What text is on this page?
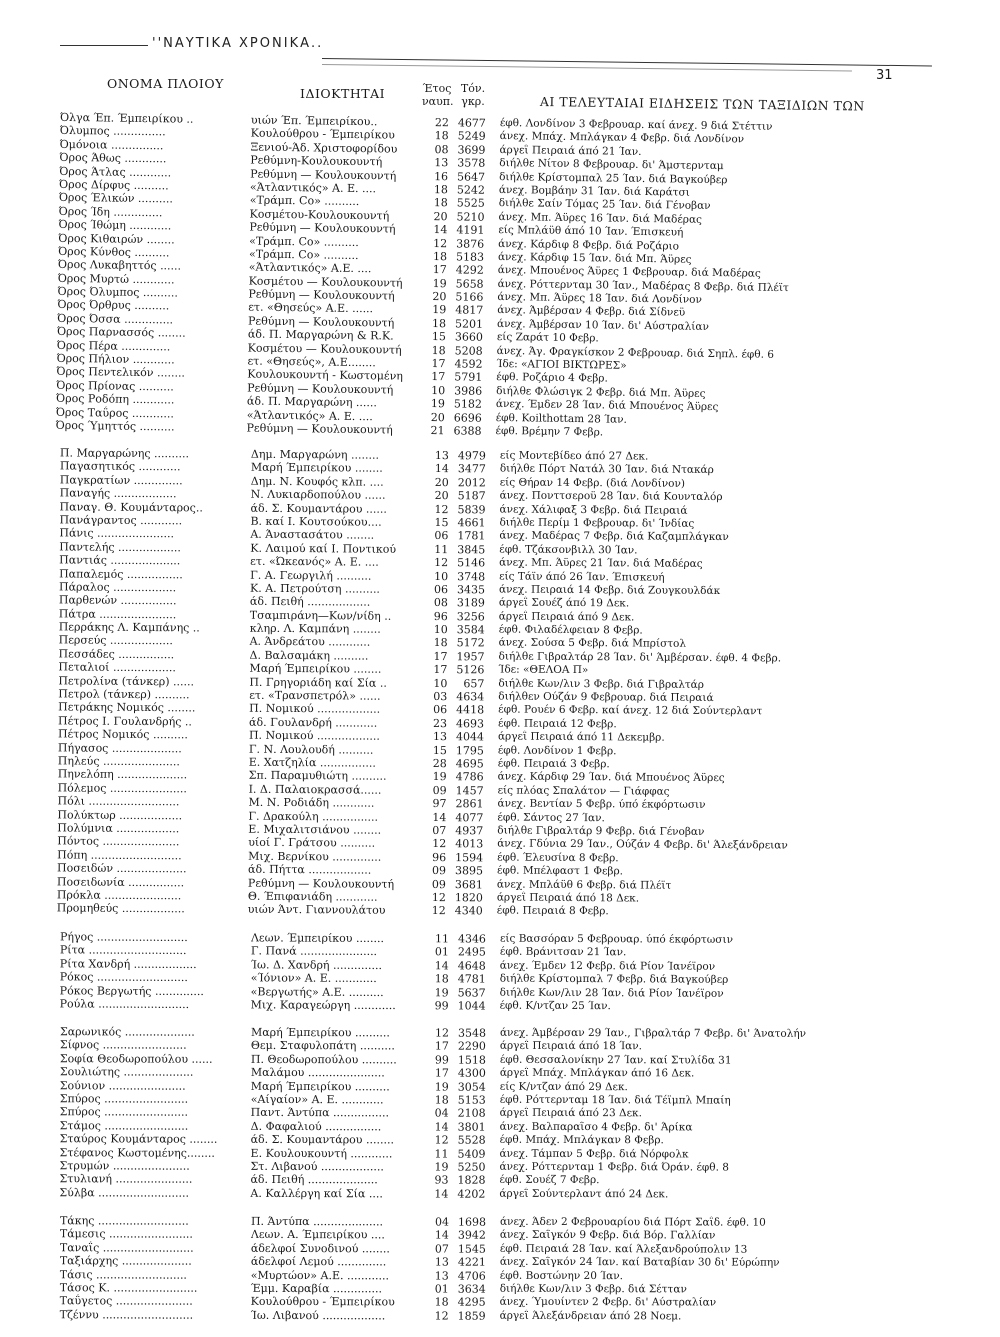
''ΝΑΥΤΙΚΑ ΧΡΟΝΙΚΑ..
31
ΟΝΟΜΑ ΠΛΟΙΟΥ
ΙΔΙΟΚΤΗΤΑΙ	Έτος ναυπ.
Τόν. γκρ.	ΑΙ ΤΕΛΕΥΤΑΙΑΙ ΕΙΔΗΣΕΙΣ ΤΩΝ ΤΑΞΙΔΙΩΝ ΤΩΝ
Όλγα Έπ. Έμπειρίκου ..	υιών Έπ. Έμπειρίκου..	22 4677 έφθ. Λονδίνον 3 Φεβρουαρ. καί άνεχ. 9 διά Στέττιν
Όλυμπος ...............	Κουλούθρου - Έμπειρίκου	18 5249 άνεχ. Μπάχ. Μπλάγκαν 4 Φεβρ. διά Λονδίνον
Όμόνοια ...............	Ξενιού-Άδ. Χριστοφορίδου	08 3699 άργεΐ Πειραιά άπό 21 Ίαν.
Όρος Άθως ............	Ρεθύμνη-Κουλουκουντή	13 3578 διήλθε Νίτον 8 Φεβρουαρ. δι' Άμστερνταμ
Όρος Άτλας ............	Ρεθύμνη — Κουλουκουντή	16 5647 διήλθε Κρίστομπαλ 25 Ίαν. διά Βαγκούβερ
Όρος Δίρφυς ..........	«Άτλαντικός» Α. Ε. ....	18 5242 άνεχ. Βομβάην 31 Ίαν. διά Καράτσι
Όρος Έλικών ..........	«Τράμπ. Co» ..........	18 5525 διήλθε Σαίν Τόμας 25 Ίαν. διά Γένοβαν
Όρος Ίδη ..............	Κοσμέτου-Κουλουκουντή	20 5210 άνεχ. Μπ. Άϋρες 16 Ίαν. διά Μαδέρας
Όρος Ίθώμη ............	Ρεθύμνη — Κουλουκουντή	14 4191 είς Μπλάϋθ άπό 10 Ίαν. Έπισκευή
Όρος Κιθαιρών ........	«Τράμπ. Co» ..........	12 3876 άνεχ. Κάρδιφ 8 Φεβρ. διά Ροζάριο
Όρος Κύνθος ..........	«Τράμπ. Co» ..........	18 5183 άνεχ. Κάρδιφ 15 Ίαν. διά Μπ. Άϋρες
Όρος Λυκαβηττός ......	«Άτλαντικός» Α.Ε. ....	17 4292 άνεχ. Μπουένος Άϋρες 1 Φεβρουαρ. διά Μαδέρας
Όρος Μυρτώ ............	Κοσμέτου — Κουλουκουντή	19 5658 άνεχ. Ρόττερνταμ 30 Ίαν., Μαδέρας 8 Φεβρ. διά Πλέϊτ
Όρος Όλυμπος ..........	Ρεθύμνη — Κουλουκουντή	20 5166 άνεχ. Μπ. Άϋρες 18 Ίαν. διά Λονδίνον
Όρος Όρθρυς ..........	ετ. «Θησεύς» Α.Ε. ......	19 4817 άνεχ. Άμβέρσαν 4 Φεβρ. διά Σίδνεϋ
Όρος Όσσα ..............	Ρεθύμνη — Κουλουκουντή	18 5201 άνεχ. Άμβέρσαν 10 Ίαν. δι' Αύστραλίαν
Όρος Παρνασσός ........	άδ. Π. Μαργαρώνη & R.K.	15 3660 είς Ζαράτ 10 Φεβρ.
Όρος Πέρα ..............	Κοσμέτου — Κουλουκουντή	18 5208 άνεχ. Άγ. Φραγκίσκον 2 Φεβρουαρ. διά Σηπλ. έφθ. 6
Όρος Πήλιον ............	ετ. «Θησεύς», Α.Ε........	17 4592 Ίδε: «ΑΓΙΟΙ ΒΙΚΤΩΡΕΣ»
Όρος Πεντελικόν ........	Κουλουκουντή - Κωστομένη	17 5791 έφθ. Ροζάριο 4 Φεβρ.
Όρος Πρίονας ..........	Ρεθύμνη — Κουλουκουντή	10 3986 διήλθε Φλώσιγκ 2 Φεβρ. διά Μπ. Άϋρες
Όρος Ροδόπη ............	άδ. Π. Μαργαρώνη ......	19 5182 άνεχ. Έμδεν 28 Ίαν. διά Μπουένος Άϋρες
Όρος Ταΰρος ............	«Άτλαντικός» Α. Ε. ....	20 6696 έφθ. Koilthottam 28 Ίαν.
Όρος Ύμηττός ..........	Ρεθύμνη — Κουλουκουντή	21 6388 έφθ. Βρέμην 7 Φεβρ.
Π. Μαργαρώνης ..........	Δημ. Μαργαρώνη ........	13 4979 είς Μοντεβίδεο άπό 27 Δεκ.
Παγασητικός ............	Μαρή Έμπειρίκου ........	14 3477 διήλθε Πόρτ Νατάλ 30 Ίαν. διά Ντακάρ
Παγκρατίων ..............	Δημ. Ν. Κουφός κλπ. ....	20 2012 είς Θήραν 14 Φεβρ. (διά Λονδίνον)
Παναγής ..................	Ν. Λυκιαρδοπούλου ......	20 5187 άνεχ. Πονττσεροϋ 28 Ίαν. διά Κουνταλόρ
Παναγ. Θ. Κουμάνταρος..	άδ. Σ. Κουμαντάρου ......	12 5839 άνεχ. Χάλιφαξ 3 Φεβρ. διά Πειραιά
Πανάγραντος ............	Β. καί Ι. Κουτσούκου....	15 4661 διήλθε Περίμ 1 Φεβρουαρ. δι' Ίνδίας
Πάνις ......................	Α. Άναστασάτου ........	06 1781 άνεχ. Μαδέρας 7 Φεβρ. διά Καζαμπλάγκαν
Παντελής ..................	Κ. Λαιμού καί Ι. Ποντικού	11 3845 έφθ. Τζάκσονβιλλ 30 Ίαν.
Παντιάς ....................	ετ. «Ώκεανός» Α. Ε. ....	12 5146 άνεχ. Μπ. Άϋρες 21 Ίαν. διά Μαδέρας
Παπαλεμός ................	Γ. Α. Γεωργιλή ..........	10 3748 είς Τάϊν άπό 26 Ίαν. Έπισκευή
Πάραλος ..................	Κ. Α. Πετρούτση ..........	06 3435 άνεχ. Πειραιά 14 Φεβρ. διά Ζουγκουλδάκ
Παρθενών ................	άδ. Πειθή ..................	08 3189 άργεΐ Σουέζ άπό 19 Δεκ.
Πάτρα ......................	Τσαμπιράνη—Κων/νίδη ..	96 3256 άργεΐ Πειραιά άπό 9 Δεκ.
Περράκης Λ. Καμπάνης ..	κληρ. Λ. Καμπάνη ........	10 3584 έφθ. Φιλαδέλφειαν 8 Φεβρ.
Περσεύς ..................	Α. Άνδρεάτου ............	18 5172 άνεχ. Σούσα 5 Φεβρ. διά Μπρίστολ
Πεσσάδες ................	Δ. Βαλσαμάκη ..........	17 1957 διήλθε Γιβραλτάρ 28 Ίαν. δι' Άμβέρσαν. έφθ. 4 Φεβρ.
Πεταλιοί ..................	Μαρή Έμπειρίκου ........	17 5126 Ίδε: «ΘΕΛΟΑ Π»
Πετρολίνα (τάνκερ) ......	Π. Γρηγοριάδη καί Σία ..	10	657 διήλθε Κων/λιν 3 Φεβρ. διά Γιβραλτάρ
Πετρολ (τάνκερ) ..........	ετ. «Τρανσπετρόλ» ......	03 4634 διήλθεν Ούζάν 9 Φεβρουαρ. διά Πειραιά
Πετράκης Νομικός ........	Π. Νομικού ..................	06 4418 έφθ. Ρουέν 6 Φεβρ. καί άνεχ. 12 διά Σούντερλαντ
Πέτρος Ι. Γουλανδρής ..	άδ. Γουλανδρή ............	23 4693 έφθ. Πειραιά 12 Φεβρ.
Πέτρος Νομικός ..........	Π. Νομικού ..................	13 4044 άργεΐ Πειραιά άπό 11 Δεκεμβρ.
Πήγασος ....................	Γ. Ν. Λουλουδή ..........	15 1795 έφθ. Λονδίνον 1 Φεβρ.
Πηλεύς ......................	Ε. Χατζηλία ................	28 4695 έφθ. Πειραιά 3 Φεβρ.
Πηνελόπη ....................	Σπ. Παραμυθιώτη ..........	19 4786 άνεχ. Κάρδιφ 29 Ίαν. διά Μπουένος Άϋρες
Πόλεμος ......................	Ι. Δ. Παλαιοκρασσά......	09 1457 είς πλόας Σπαλάτον — Γιάφφας
Πόλι ..........................	Μ. Ν. Ροδιάδη ............	97 2861 άνεχ. Βεντίαν 5 Φεβρ. ύπό έκφόρτωσιν
Πολύκτωρ ..................	Γ. Δρακούλη ................	14 4077 έφθ. Σάντος 27 Ίαν.
Πολύμνια ..................	Ε. Μιχαλιτσιάνου ........	07 4937 διήλθε Γιβραλτάρ 9 Φεβρ. διά Γένοβαν
Πόντος ......................	υίοί Γ. Γράτσου ..........	12 4013 άνεχ. Γδύνια 29 Ίαν., Ούζάν 4 Φεβρ. δι' Άλεξάνδρειαν
Πόπη ..........................	Μιχ. Βερνίκου ..............	96 1594 έφθ. Έλευσίνα 8 Φεβρ.
Ποσειδών ....................	άδ. Πήττα ..................	09 3895 έφθ. Μπέλφαστ 1 Φεβρ.
Ποσειδωνία ................	Ρεθύμνη — Κουλουκουντή	09 3681 άνεχ. Μπλάϋθ 6 Φεβρ. διά Πλέϊτ
Πρόκλα ......................	Θ. Έπιφανιάδη ............	12 1820 άργεΐ Πειραιά άπό 18 Δεκ.
Προμηθεύς ..................	υιών Άντ. Γιαννουλάτου	12 4340 έφθ. Πειραιά 8 Φεβρ.
Ρήγος ..........................	Λεων. Έμπειρίκου ........	11 4346 είς Βασσόραν 5 Φεβρουαρ. ύπό έκφόρτωσιν
Ρίτα ............................	Γ. Πανά ......................	01 2495 έφθ. Βράνιτσαν 21 Ίαν.
Ρίτα Χανδρή ..................	Ίω. Δ. Χανδρή ..............	14 4648 άνεχ. Έμδεν 12 Φεβρ. διά Ρίον Ίανέϊρον
Ρόκος ..........................	«Ίόνιον» Α. Ε. ............	18 4781 διήλθε Κρίστομπαλ 7 Φεβρ. διά Βαγκούβερ
Ρόκος Βεργωτής ..............	«Βεργωτής» Α.Ε. ..........	19 5637 διήλθε Κων/λιν 28 Ίαν. διά Ρίον Ίανέϊρον
Ρούλα ..........................	Μιχ. Καραγεώργη ............	99 1044 έφθ. Κ/ντζαν 25 Ίαν.
Σαρωνικός ....................	Μαρή Έμπειρίκου ..........	12 3548 άνεχ. Άμβέρσαν 29 Ίαν., Γιβραλτάρ 7 Φεβρ. δι' Άνατολήν
Σίφνος ........................	Θεμ. Σταφυλοπάτη ..........	17 2290 άργεΐ Πειραιά άπό 18 Ίαν.
Σοφία Θεοδωροπούλου ......	Π. Θεοδωροπούλου ..........	99 1518 έφθ. Θεσσαλονίκην 27 Ίαν. καί Στυλίδα 31
Σουλιώτης ....................	Μαλάμου ......................	17 4300 άργεΐ Μπάχ. Μπλάγκαν άπό 16 Δεκ.
Σούνιον ......................	Μαρή Έμπειρίκου ..........	19 3054 είς Κ/ντζαν άπό 29 Δεκ.
Σπύρος ........................	«Αίγαίον» Α. Ε. ............	18 5153 έφθ. Ρόττερνταμ 18 Ίαν. διά Τέϊμπλ Μπαίη
Σπύρος ........................	Παντ. Άντύπα ................	04 2108 άργεΐ Πειραιά άπό 23 Δεκ.
Στάμος ........................	Δ. Φαφαλιού ................	14 3801 άνεχ. Βαλπαραΐσο 4 Φεβρ. δι' Άρίκα
Σταύρος Κουμάνταρος ........	άδ. Σ. Κουμαντάρου ........	12 5528 έφθ. Μπάχ. Μπλάγκαν 8 Φεβρ.
Στέφανος Κωστομένης........	Ε. Κουλουκουντή ............	11 5409 άνεχ. Τάμπαν 5 Φεβρ. διά Νόρφολκ
Στρυμών ......................	Στ. Λιβανού ..................	19 5250 άνεχ. Ρόττερνταμ 1 Φεβρ. διά Όράν. έφθ. 8
Στυλιανή ......................	άδ. Πειθή ....................	93 1828 έφθ. Σουέζ 7 Φεβρ.
Σύλβα ..........................	Α. Καλλέργη καί Σία ....	14 4202 άργεΐ Σούντερλαντ άπό 24 Δεκ.
Τάκης ..........................	Π. Άντύπα ....................	04 1698 άνεχ. Άδεν 2 Φεβρουαρίου διά Πόρτ Σαΐδ. έφθ. 10
Τάμεσις ........................	Λεων. Α. Έμπειρίκου ....	14 3942 άνεχ. Σαΐγκόν 9 Φεβρ. διά Βόρ. Γαλλίαν
Ταναΐς ..........................	άδελφοί Συνοδινού ........	07 1545 έφθ. Πειραιά 28 Ίαν. καί Άλεξανδρούπολιν 13
Ταξιάρχης ....................	άδελφοί Λεμού ..............	13 4221 άνεχ. Σαΐγκόν 24 Ίαν. καί Βαταβίαν 30 δι' Εύρώπην
Τάσις ..........................	«Μυρτώον» Α.Ε. ............	13 4706 έφθ. Βοστώνην 20 Ίαν.
Τάσος Κ. ........................	Έμμ. Καραβία ..............	01 3634 διήλθε Κων/λιν 3 Φεβρ. διά Σέτταν
Ταΰγετος ......................	Κουλούθρου - Έμπειρίκου	18 4295 άνεχ. Ύμουίντεν 2 Φεβρ. δι' Αύστραλίαν
Τζέννυ ..........................	Ίω. Λιβανού ..................	12 1859 άργεΐ Άλεξάνδρειαν άπό 28 Νοεμ.
